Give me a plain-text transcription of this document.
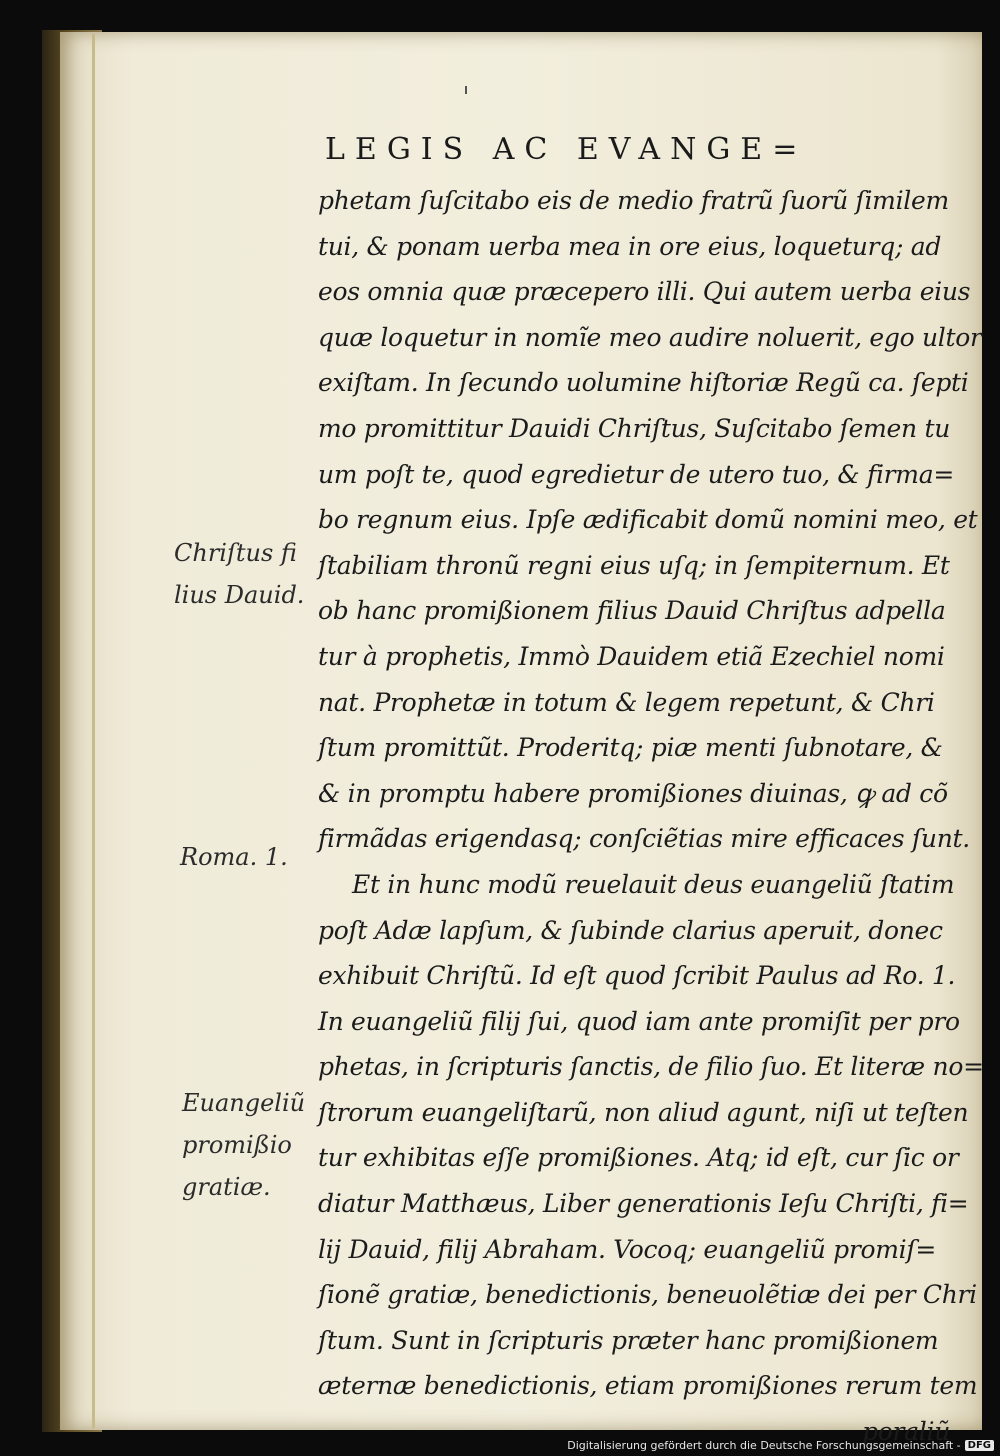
LEGIS AC EVANGE=
phetam ſuſcitabo eis de medio fratrũ ſuorũ ſimilem
tui, & ponam uerba mea in ore eius, loqueturq; ad
eos omnia quæ præcepero illi. Qui autem uerba eius
quæ loquetur in nomĩe meo audire noluerit, ego ultor
exiſtam. In ſecundo uolumine hiſtoriæ Regũ ca. ſepti
mo promittitur Dauidi Chriſtus, Suſcitabo ſemen tu
um poſt te, quod egredietur de utero tuo, & firma=
bo regnum eius. Ipſe ædificabit domũ nomini meo, et
ſtabiliam thronũ regni eius uſq; in ſempiternum. Et
ob hanc promißionem filius Dauid Chriſtus adpella
tur à prophetis, Immò Dauidem etiã Ezechiel nomi
nat. Prophetæ in totum & legem repetunt, & Chri
ſtum promittũt. Proderitq; piæ menti ſubnotare, &
& in promptu habere promißiones diuinas, ꝙ ad cõ
firmãdas erigendasq; conſciẽtias mire efficaces ſunt.
Et in hunc modũ reuelauit deus euangeliũ ſtatim
poſt Adæ lapſum, & ſubinde clarius aperuit, donec
exhibuit Chriſtũ. Id eſt quod ſcribit Paulus ad Ro. 1.
In euangeliũ filij ſui, quod iam ante promiſit per pro
phetas, in ſcripturis ſanctis, de filio ſuo. Et literæ no=
ſtrorum euangeliſtarũ, non aliud agunt, niſi ut teſten
tur exhibitas eſſe promißiones. Atq; id eſt, cur ſic or
diatur Matthæus, Liber generationis Ieſu Chriſti, fi=
lij Dauid, filij Abraham. Vocoq; euangeliũ promiſ=
ſionẽ gratiæ, benedictionis, beneuolẽtiæ dei per Chri
ſtum. Sunt in ſcripturis præter hanc promißionem
æternæ benedictionis, etiam promißiones rerum tem
poraliũ
Chriſtus fi
lius Dauid.
Roma. 1.
Euangeliũ
promißio
gratiæ.
Digitalisierung gefördert durch die Deutsche Forschungsgemeinschaft - DFG
